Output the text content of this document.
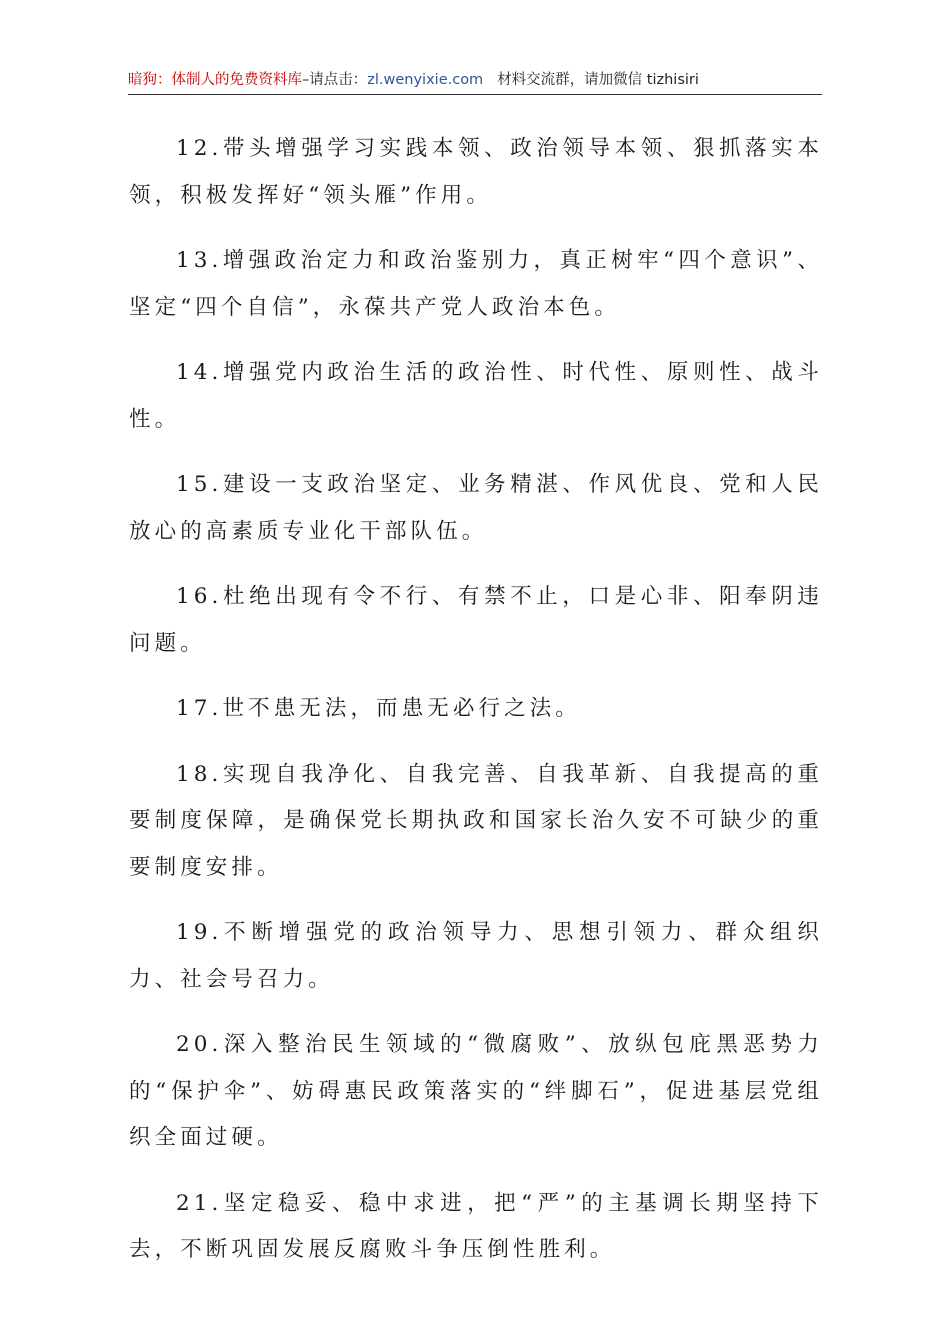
暗狗：体制人的免费资料库–请点击：zl.wenyixie.com 材料交流群，请加微信 tizhisiri

12.带头增强学习实践本领、政治领导本领、狠抓落实本领，积极发挥好“领头雁”作用。

13.增强政治定力和政治鉴别力，真正树牢“四个意识”、坚定“四个自信”，永葆共产党人政治本色。

14.增强党内政治生活的政治性、时代性、原则性、战斗性。

15.建设一支政治坚定、业务精湛、作风优良、党和人民放心的高素质专业化干部队伍。

16.杜绝出现有令不行、有禁不止，口是心非、阳奉阴违问题。

17.世不患无法，而患无必行之法。

18.实现自我净化、自我完善、自我革新、自我提高的重要制度保障，是确保党长期执政和国家长治久安不可缺少的重要制度安排。

19.不断增强党的政治领导力、思想引领力、群众组织力、社会号召力。

20.深入整治民生领域的“微腐败”、放纵包庇黑恶势力的“保护伞”、妨碍惠民政策落实的“绊脚石”，促进基层党组织全面过硬。

21.坚定稳妥、稳中求进，把“严”的主基调长期坚持下去，不断巩固发展反腐败斗争压倒性胜利。
